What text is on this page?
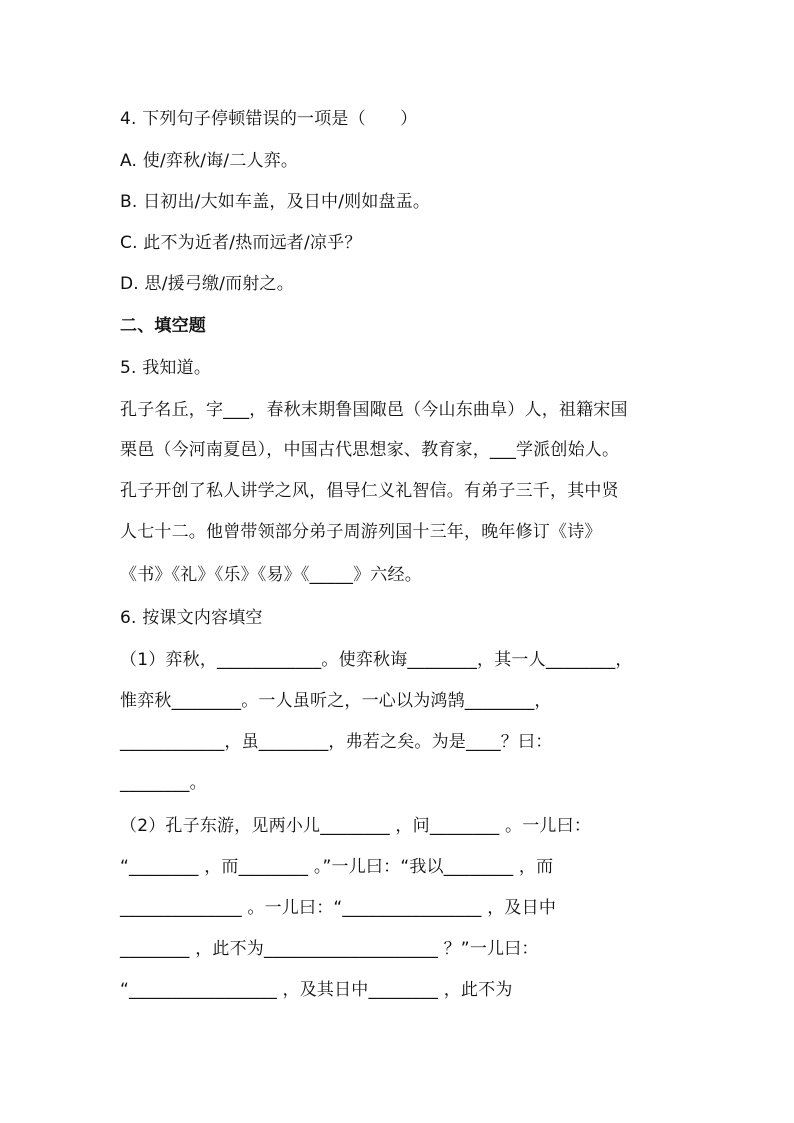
4. 下列句子停顿错误的一项是（　　）
A. 使/弈秋/诲/二人弈。
B. 日初出/大如车盖，及日中/则如盘盂。
C. 此不为近者/热而远者/凉乎？
D. 思/援弓缴/而射之。
二、填空题
5. 我知道。
孔子名丘，字___，春秋末期鲁国陬邑（今山东曲阜）人，祖籍宋国
栗邑（今河南夏邑），中国古代思想家、教育家，___学派创始人。
孔子开创了私人讲学之风，倡导仁义礼智信。有弟子三千，其中贤
人七十二。他曾带领部分弟子周游列国十三年，晚年修订《诗》
《书》《礼》《乐》《易》《_____》六经。
6. 按课文内容填空
（1）弈秋，____________。使弈秋诲________，其一人________，
惟弈秋________。一人虽听之，一心以为鸿鹄________，
____________，虽________，弗若之矣。为是____？曰：
________。
（2）孔子东游，见两小儿________ ，问________ 。一儿曰：
“________ ，而________ 。”一儿曰：“我以________ ，而
______________ 。一儿曰：“________________ ，及日中
________ ，此不为____________________ ？”一儿曰：
“_________________ ，及其日中________ ，此不为
